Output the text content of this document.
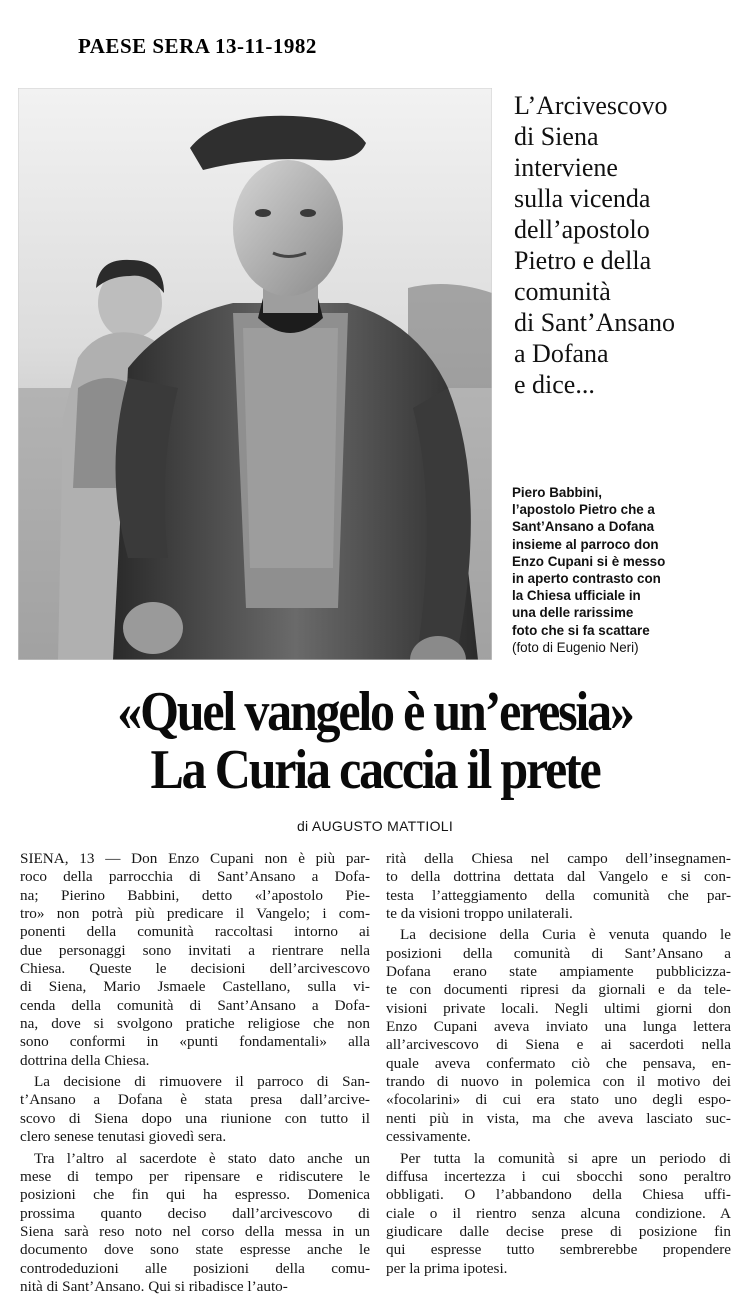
PAESE SERA 13-11-1982
L’Arcivescovo
di Siena
interviene
sulla vicenda
dell’apostolo
Pietro e della
comunità
di Sant’Ansano
a Dofana
e dice...
Piero Babbini,
l’apostolo Pietro che a
Sant’Ansano a Dofana
insieme al parroco don
Enzo Cupani si è messo
in aperto contrasto con
la Chiesa ufficiale in
una delle rarissime
foto che si fa scattare
(foto di Eugenio Neri)
«Quel vangelo è un’eresia»
La Curia caccia il prete
di AUGUSTO MATTIOLI

SIENA, 13 — Don Enzo Cupani non è più par-
roco della parrocchia di Sant’Ansano a Dofa-
na; Pierino Babbini, detto «l’apostolo Pie-
tro» non potrà più predicare il Vangelo; i com-
ponenti della comunità raccoltasi intorno ai
due personaggi sono invitati a rientrare nella
Chiesa. Queste le decisioni dell’arcivescovo
di Siena, Mario Jsmaele Castellano, sulla vi-
cenda della comunità di Sant’Ansano a Dofa-
na, dove si svolgono pratiche religiose che non
sono conformi in «punti fondamentali» alla
dottrina della Chiesa.

La decisione di rimuovere il parroco di San-
t’Ansano a Dofana è stata presa dall’arcive-
scovo di Siena dopo una riunione con tutto il
clero senese tenutasi giovedì sera.

Tra l’altro al sacerdote è stato dato anche un
mese di tempo per ripensare e ridiscutere le
posizioni che fin qui ha espresso. Domenica
prossima quanto deciso dall’arcivescovo di
Siena sarà reso noto nel corso della messa in un
documento dove sono state espresse anche le
controdeduzioni alle posizioni della comu-
nità di Sant’Ansano. Qui si ribadisce l’auto-

rità della Chiesa nel campo dell’insegnamen-
to della dottrina dettata dal Vangelo e si con-
testa l’atteggiamento della comunità che par-
te da visioni troppo unilaterali.

La decisione della Curia è venuta quando le
posizioni della comunità di Sant’Ansano a
Dofana erano state ampiamente pubblicizza-
te con documenti ripresi da giornali e da tele-
visioni private locali. Negli ultimi giorni don
Enzo Cupani aveva inviato una lunga lettera
all’arcivescovo di Siena e ai sacerdoti nella
quale aveva confermato ciò che pensava, en-
trando di nuovo in polemica con il motivo dei
«focolarini» di cui era stato uno degli espo-
nenti più in vista, ma che aveva lasciato suc-
cessivamente.

Per tutta la comunità si apre un periodo di
diffusa incertezza i cui sbocchi sono peraltro
obbligati. O l’abbandono della Chiesa uffi-
ciale o il rientro senza alcuna condizione. A
giudicare dalle decise prese di posizione fin
qui espresse tutto sembrerebbe propendere
per la prima ipotesi.
